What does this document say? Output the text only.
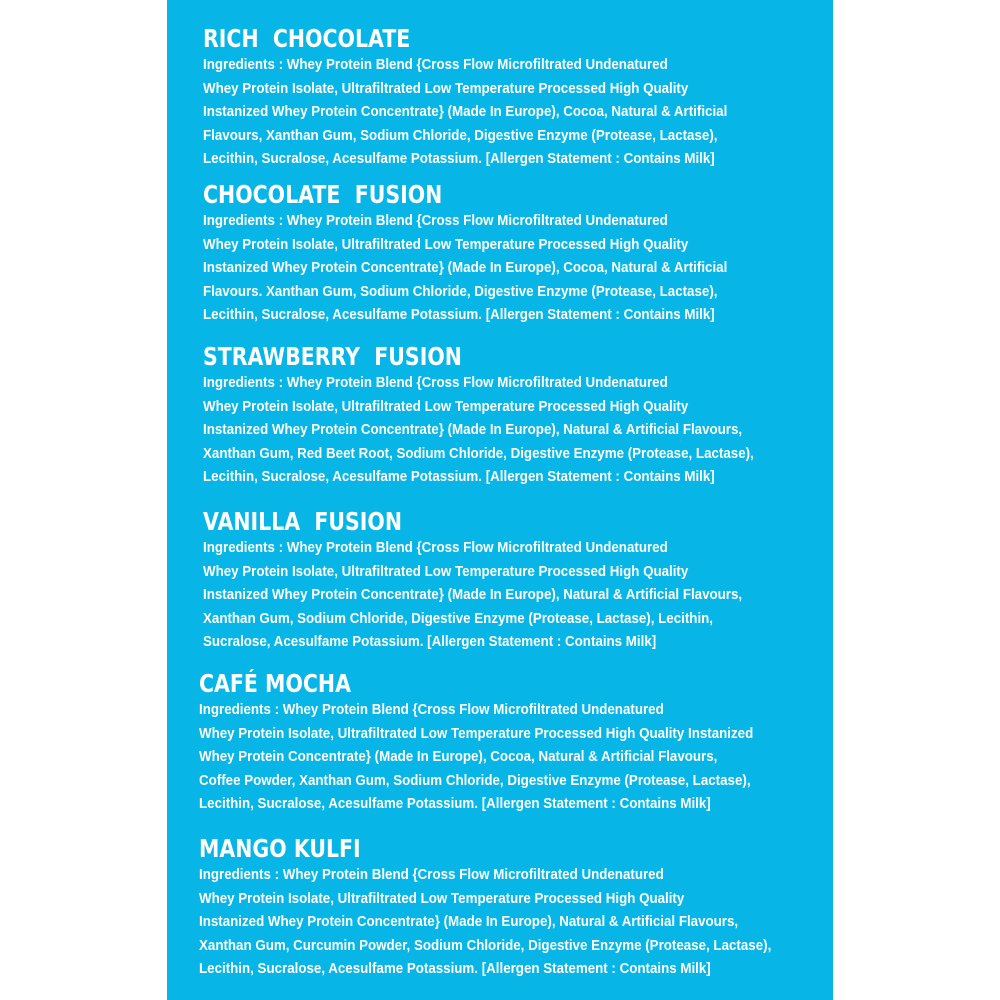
RICH  CHOCOLATE
Ingredients : Whey Protein Blend {Cross Flow Microfiltrated Undenatured
Whey Protein Isolate, Ultrafiltrated Low Temperature Processed High Quality
Instanized Whey Protein Concentrate} (Made In Europe), Cocoa, Natural & Artificial
Flavours, Xanthan Gum, Sodium Chloride, Digestive Enzyme (Protease, Lactase),
Lecithin, Sucralose, Acesulfame Potassium. [Allergen Statement : Contains Milk]
CHOCOLATE  FUSION
Ingredients : Whey Protein Blend {Cross Flow Microfiltrated Undenatured
Whey Protein Isolate, Ultrafiltrated Low Temperature Processed High Quality
Instanized Whey Protein Concentrate} (Made In Europe), Cocoa, Natural & Artificial
Flavours. Xanthan Gum, Sodium Chloride, Digestive Enzyme (Protease, Lactase),
Lecithin, Sucralose, Acesulfame Potassium. [Allergen Statement : Contains Milk]
STRAWBERRY  FUSION
Ingredients : Whey Protein Blend {Cross Flow Microfiltrated Undenatured
Whey Protein Isolate, Ultrafiltrated Low Temperature Processed High Quality
Instanized Whey Protein Concentrate} (Made In Europe), Natural & Artificial Flavours,
Xanthan Gum, Red Beet Root, Sodium Chloride, Digestive Enzyme (Protease, Lactase),
Lecithin, Sucralose, Acesulfame Potassium. [Allergen Statement : Contains Milk]
VANILLA  FUSION
Ingredients : Whey Protein Blend {Cross Flow Microfiltrated Undenatured
Whey Protein Isolate, Ultrafiltrated Low Temperature Processed High Quality
Instanized Whey Protein Concentrate} (Made In Europe), Natural & Artificial Flavours,
Xanthan Gum, Sodium Chloride, Digestive Enzyme (Protease, Lactase), Lecithin,
Sucralose, Acesulfame Potassium. [Allergen Statement : Contains Milk]
CAFÉ MOCHA
Ingredients : Whey Protein Blend {Cross Flow Microfiltrated Undenatured
Whey Protein Isolate, Ultrafiltrated Low Temperature Processed High Quality Instanized
Whey Protein Concentrate} (Made In Europe), Cocoa, Natural & Artificial Flavours,
Coffee Powder, Xanthan Gum, Sodium Chloride, Digestive Enzyme (Protease, Lactase),
Lecithin, Sucralose, Acesulfame Potassium. [Allergen Statement : Contains Milk]
MANGO KULFI
Ingredients : Whey Protein Blend {Cross Flow Microfiltrated Undenatured
Whey Protein Isolate, Ultrafiltrated Low Temperature Processed High Quality
Instanized Whey Protein Concentrate} (Made In Europe), Natural & Artificial Flavours,
Xanthan Gum, Curcumin Powder, Sodium Chloride, Digestive Enzyme (Protease, Lactase),
Lecithin, Sucralose, Acesulfame Potassium. [Allergen Statement : Contains Milk]
